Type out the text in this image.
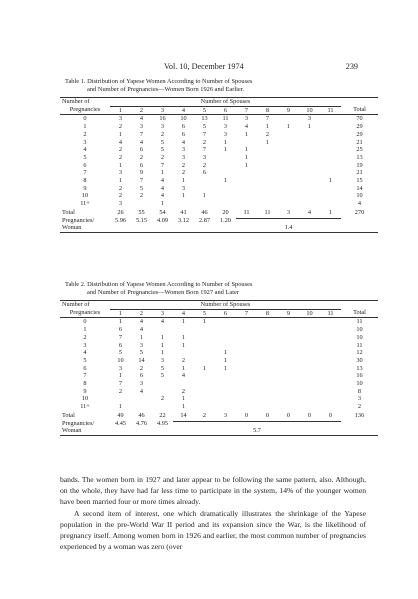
Vol. 10, December 1974	239
Table 1. Distribution of Yapese Women According to Number of Spouses
and Number of Pregnancies—Women Born 1926 and Earlier.
Number of	Number of Spouses											
Pregnancies	1	2	3	4	5	6	7	8	9	10	11	Total
0	3	4	16	10	13	11	3	7		3		70
1	2	3	3	6	5	3	4	1	1	1		29
2	1	7	2	6	7	3	1	2				29
3	4	4	5	4	2	1		1				21
4	2	6	5	3	7	1	1					25
5	2	2	2	3	3		1					13
6	1	6	7	2	2		1					19
7	3	9	1	2	6							21
8	1	7	4	1		1					1	15
9	2	5	4	3								14
10	2	2	4	1	1							10
11+	3		1									4
Total	26	55	54	41	46	20	11	11	3	4	1	270
Pregnancies/	5.96	5.15	4.09	3.12	2.87	1.20					

Woman							1.4					
Table 2. Distribution of Yapese Women According to Number of Spouses
and Number of Pregnancies—Women Born 1927 and Later
Number of	Number of Spouses											
Pregnancies	1	2	3	4	5	6	7	8	9	10	11	Total
0	1	4	4	1	1							11
1	6	4										10
2	7	1	1	1								10
3	6	3	1	1								11
4	5	5	1			1						12
5	10	14	3	2		1						30
6	3	2	5	1	1	1						13
7	1	6	5	4								16
8	7	3										10
9	2	4		2								8
10			2	1								3
11+	1			1								2
Total	49	46	22	14	2	3	0	0	0	0	0	136
Pregnancies/	4.45	4.76	4.95								

Woman				5.7								

bands. The women born in 1927 and later appear to be following the same pattern, also. Although, on the whole, they have had far less time to participate in the system, 14% of the younger women have been married four or more times already.

A second item of interest, one which dramatically illustrates the shrinkage of the Yapese population in the pre-World War II period and its expansion since the War, is the likelihood of pregnancy itself. Among women born in 1926 and earlier, the most common number of pregnancies experienced by a woman was zero (over
